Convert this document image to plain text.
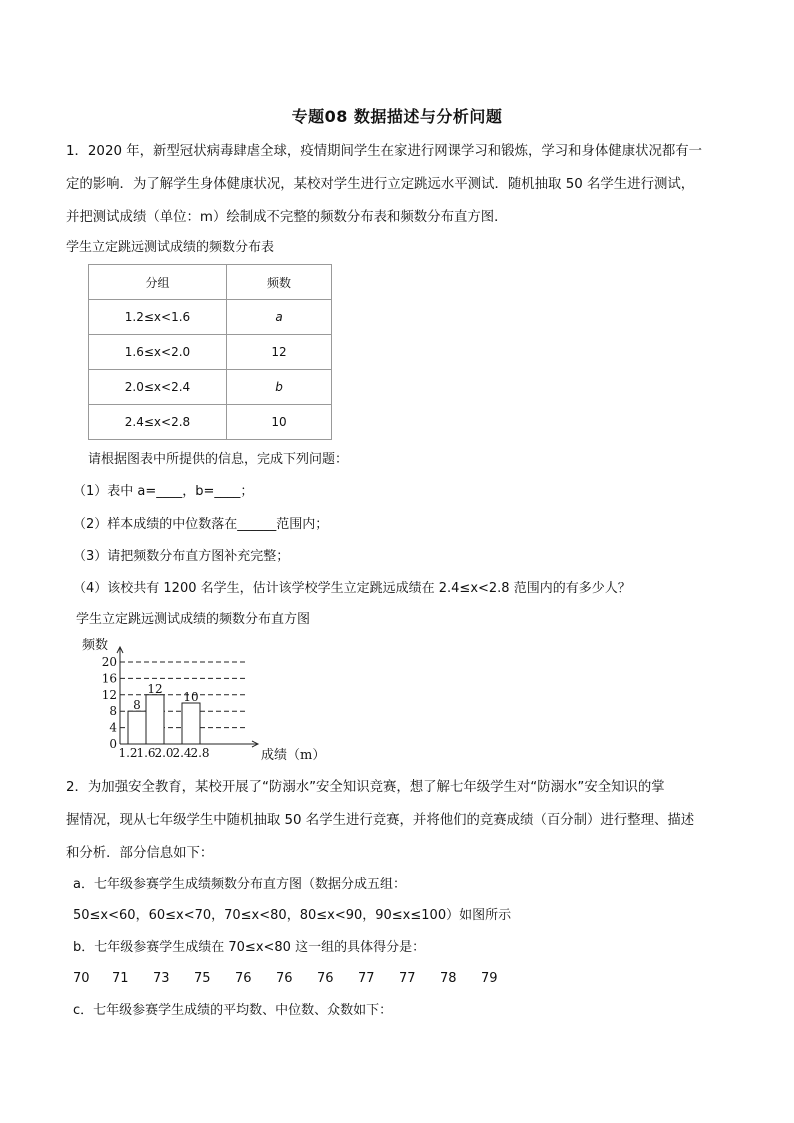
专题08 数据描述与分析问题
1．2020 年，新型冠状病毒肆虐全球，疫情期间学生在家进行网课学习和锻炼，学习和身体健康状况都有一
定的影响．为了解学生身体健康状况，某校对学生进行立定跳远水平测试．随机抽取 50 名学生进行测试，
并把测试成绩（单位：m）绘制成不完整的频数分布表和频数分布直方图．
学生立定跳远测试成绩的频数分布表
分组	频数
1.2≤x<1.6	a
1.6≤x<2.0	12
2.0≤x<2.4	b
2.4≤x<2.8	10
请根据图表中所提供的信息，完成下列问题：
（1）表中 a=____，b=____；
（2）样本成绩的中位数落在______范围内；
（3）请把频数分布直方图补充完整；
（4）该校共有 1200 名学生，估计该学校学生立定跳远成绩在 2.4≤x<2.8 范围内的有多少人？
学生立定跳远测试成绩的频数分布直方图
0
4
8
12
16
20
频数
1.2
1.6
2.0
2.4
2.8	成绩（m）
8
12
10
2．为加强安全教育，某校开展了“防溺水”安全知识竞赛，想了解七年级学生对“防溺水”安全知识的掌
握情况，现从七年级学生中随机抽取 50 名学生进行竞赛，并将他们的竞赛成绩（百分制）进行整理、描述
和分析．部分信息如下：
a．七年级参赛学生成绩频数分布直方图（数据分成五组：
50≤x<60，60≤x<70，70≤x<80，80≤x<90，90≤x≤100）如图所示
b．七年级参赛学生成绩在 70≤x<80 这一组的具体得分是：
70 71 73 75 76 76 76 77 77 78 79
c．七年级参赛学生成绩的平均数、中位数、众数如下：
